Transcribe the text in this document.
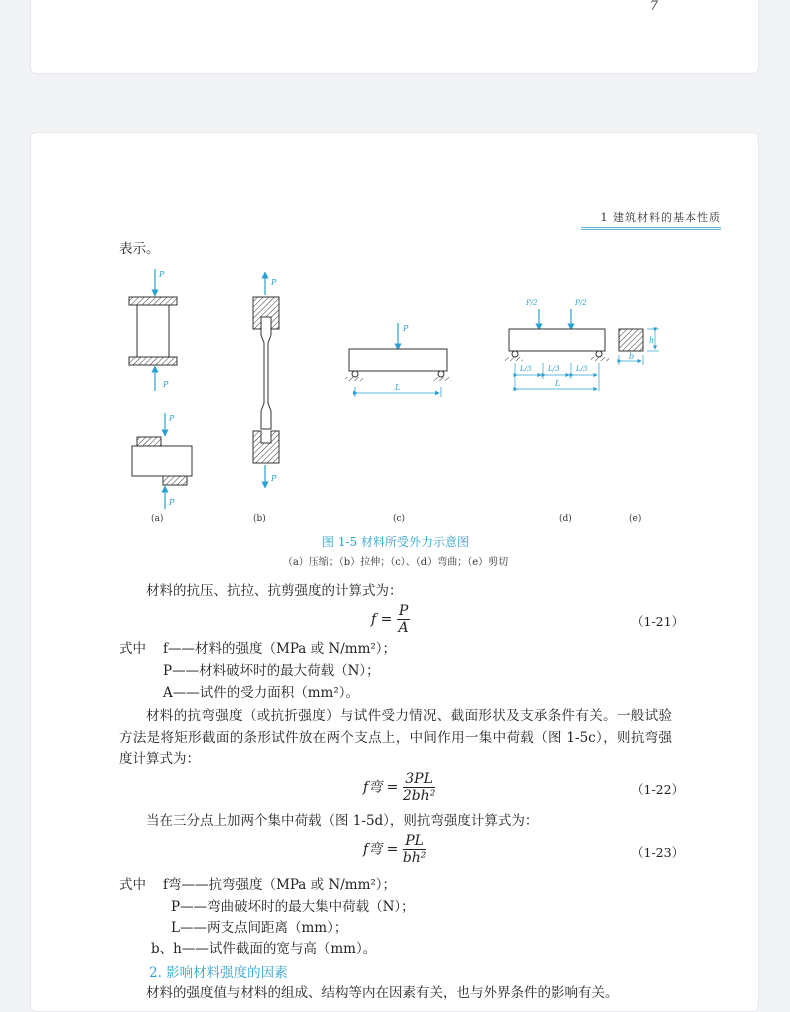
7
1 建筑材料的基本性质
表示。
P
P
P
P
P
P
P
L
P/2	P/2
L/3 L/3 L/3
L
h
b
(a)	(b)	(c)	(d)	(e)
图 1-5 材料所受外力示意图
（a）压缩；（b）拉伸；（c）、（d）弯曲；（e）剪切
材料的抗压、抗拉、抗剪强度的计算式为：
$f = \frac{P}{A}$	（1-21）
式中 f——材料的强度（MPa 或 N/mm²）；
P——材料破坏时的最大荷载（N）；
A——试件的受力面积（mm²）。
材料的抗弯强度（或抗折强度）与试件受力情况、截面形状及支承条件有关。一般试验方法是将矩形截面的条形试件放在两个支点上，中间作用一集中荷载（图 1-5c），则抗弯强度计算式为：
f弯 = $\frac{3PL}{\text{2bh²}}$	（1-22）
当在三分点上加两个集中荷载（图 1-5d），则抗弯强度计算式为：
f弯 = $\frac{PL}{\text{bh²}}$	（1-23）
式中 f弯——抗弯强度（MPa 或 N/mm²）；
P——弯曲破坏时的最大集中荷载（N）；
L——两支点间距离（mm）；
b、h——试件截面的宽与高（mm）。
2. 影响材料强度的因素
材料的强度值与材料的组成、结构等内在因素有关，也与外界条件的影响有关。
